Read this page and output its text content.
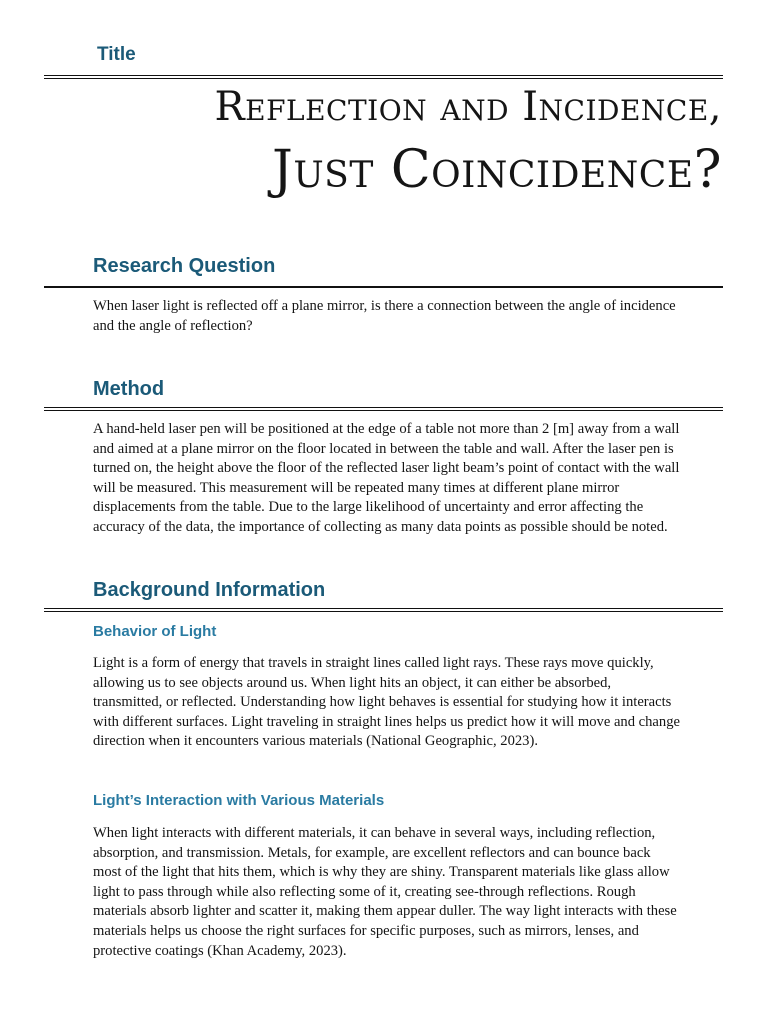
Title
Reflection and Incidence,
Just Coincidence?
Research Question

When laser light is reflected off a plane mirror, is there a connection between the angle of incidence
and the angle of reflection?

Method

A hand-held laser pen will be positioned at the edge of a table not more than 2 [m] away from a wall
and aimed at a plane mirror on the floor located in between the table and wall. After the laser pen is
turned on, the height above the floor of the reflected laser light beam’s point of contact with the wall
will be measured. This measurement will be repeated many times at different plane mirror
displacements from the table. Due to the large likelihood of uncertainty and error affecting the
accuracy of the data, the importance of collecting as many data points as possible should be noted.

Background Information
Behavior of Light

Light is a form of energy that travels in straight lines called light rays. These rays move quickly,
allowing us to see objects around us. When light hits an object, it can either be absorbed,
transmitted, or reflected. Understanding how light behaves is essential for studying how it interacts
with different surfaces. Light traveling in straight lines helps us predict how it will move and change
direction when it encounters various materials (National Geographic, 2023).

Light’s Interaction with Various Materials

When light interacts with different materials, it can behave in several ways, including reflection,
absorption, and transmission. Metals, for example, are excellent reflectors and can bounce back
most of the light that hits them, which is why they are shiny. Transparent materials like glass allow
light to pass through while also reflecting some of it, creating see-through reflections. Rough
materials absorb lighter and scatter it, making them appear duller. The way light interacts with these
materials helps us choose the right surfaces for specific purposes, such as mirrors, lenses, and
protective coatings (Khan Academy, 2023).
